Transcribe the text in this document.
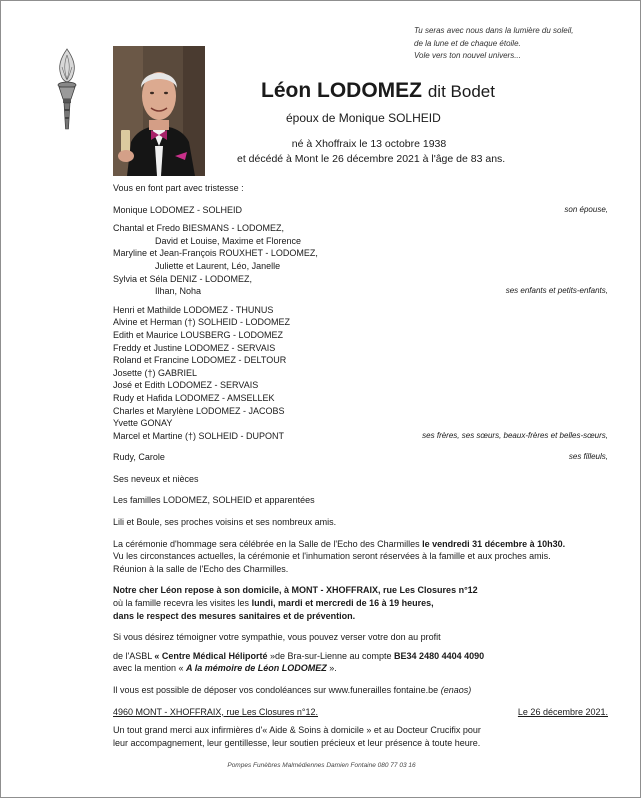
Tu seras avec nous dans la lumière du soleil,
de la lune et de chaque étoile.
Vole vers ton nouvel univers...
Léon LODOMEZ dit Bodet
époux de Monique SOLHEID
né à Xhoffraix le 13 octobre 1938
et décédé à Mont le 26 décembre 2021 à l'âge de 83 ans.

Vous en font part avec tristesse :

Monique LODOMEZ - SOLHEID	son épouse,

Chantal et Fredo BIESMANS - LODOMEZ,

David et Louise, Maxime et Florence

Maryline et Jean-François ROUXHET - LODOMEZ,

Juliette et Laurent, Léo, Janelle

Sylvia et Séla DENIZ - LODOMEZ,

Ilhan, Noha	ses enfants et petits-enfants,

Henri et Mathilde LODOMEZ - THUNUS

Alvine et Herman (†) SOLHEID - LODOMEZ

Edith et Maurice LOUSBERG - LODOMEZ

Freddy et Justine LODOMEZ - SERVAIS

Roland et Francine LODOMEZ - DELTOUR

Josette (†) GABRIEL

José et Edith LODOMEZ - SERVAIS

Rudy et Hafida LODOMEZ - AMSELLEK

Charles et Marylène LODOMEZ - JACOBS

Yvette GONAY

Marcel et Martine (†) SOLHEID - DUPONT	ses frères, ses sœurs, beaux-frères et belles-sœurs,

Rudy, Carole	ses filleuls,

Ses neveux et nièces

Les familles LODOMEZ, SOLHEID et apparentées

Lili et Boule, ses proches voisins et ses nombreux amis.

La cérémonie d'hommage sera célébrée en la Salle de l'Echo des Charmilles le vendredi 31 décembre à 10h30.

Vu les circonstances actuelles, la cérémonie et l'inhumation seront réservées à la famille et aux proches amis.

Réunion à la salle de l'Echo des Charmilles.

Notre cher Léon repose à son domicile, à MONT - XHOFFRAIX, rue Les Closures n°12

où la famille recevra les visites les lundi, mardi et mercredi de 16 à 19 heures,

dans le respect des mesures sanitaires et de prévention.

Si vous désirez témoigner votre sympathie, vous pouvez verser votre don au profit

de l'ASBL « Centre Médical Héliporté »de Bra-sur-Lienne au compte BE34 2480 4404 4090

avec la mention « A la mémoire de Léon LODOMEZ ».

Il vous est possible de déposer vos condoléances sur www.funerailles fontaine.be (enaos)

4960 MONT - XHOFFRAIX, rue Les Closures n°12.	Le 26 décembre 2021.

Un tout grand merci aux infirmières d'« Aide & Soins à domicile » et au Docteur Crucifix pour

leur accompagnement, leur gentillesse, leur soutien précieux et leur présence à toute heure.

Pompes Funèbres Malmédiennes Damien Fontaine 080 77 03 16
